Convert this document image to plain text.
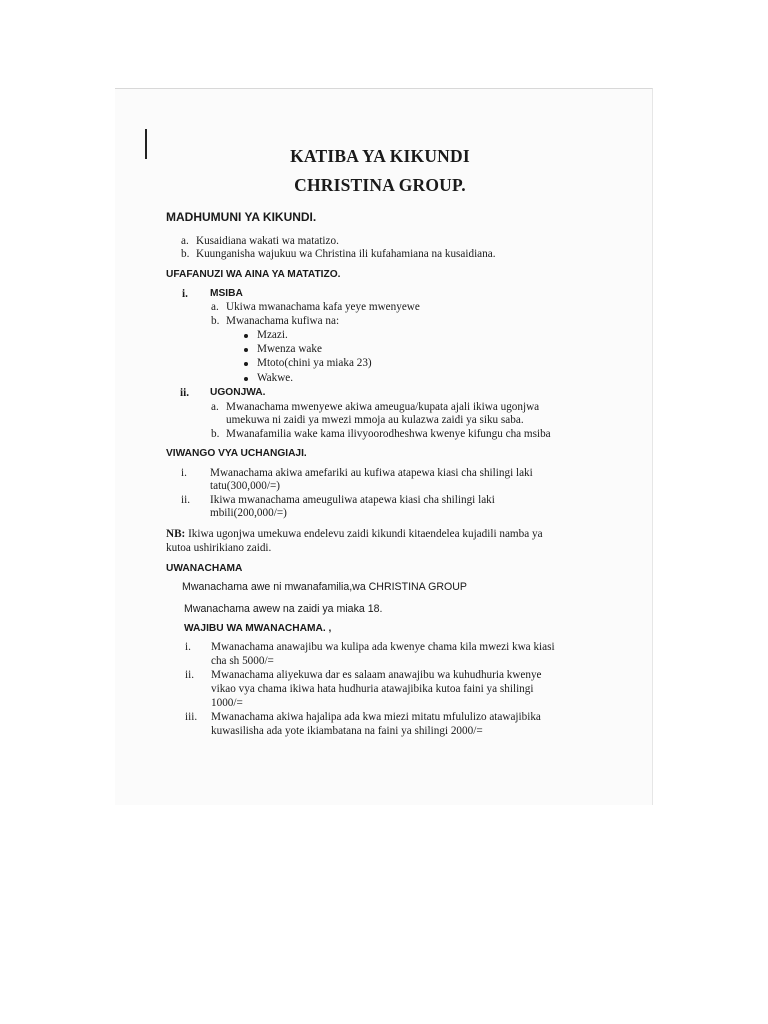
KATIBA YA KIKUNDI
CHRISTINA GROUP.
MADHUMUNI YA KIKUNDI.
a. Kusaidiana wakati wa matatizo.
b. Kuunganisha wajukuu wa Christina ili kufahamiana na kusaidiana.
UFAFANUZI WA AINA YA MATATIZO.
i. MSIBA
a. Ukiwa mwanachama kafa yeye mwenyewe
b. Mwanachama kufiwa na:
Mzazi.
Mwenza wake
Mtoto(chini ya miaka 23)
Wakwe.
ii. UGONJWA.
a. Mwanachama mwenyewe akiwa ameugua/kupata ajali ikiwa ugonjwa
umekuwa ni zaidi ya mwezi mmoja au kulazwa zaidi ya siku saba.
b. Mwanafamilia wake kama ilivyoorodheshwa kwenye kifungu cha msiba
VIWANGO VYA UCHANGIAJI.
i. Mwanachama akiwa amefariki au kufiwa atapewa kiasi cha shilingi laki
tatu(300,000/=)
ii. Ikiwa mwanachama ameuguliwa atapewa kiasi cha shilingi laki
mbili(200,000/=)
NB: Ikiwa ugonjwa umekuwa endelevu zaidi kikundi kitaendelea kujadili namba ya
kutoa ushirikiano zaidi.
UWANACHAMA
Mwanachama awe ni mwanafamilia,wa CHRISTINA GROUP
Mwanachama awew na zaidi ya miaka 18.
WAJIBU WA MWANACHAMA. ,
i. Mwanachama anawajibu wa kulipa ada kwenye chama kila mwezi kwa kiasi
cha sh 5000/=
ii. Mwanachama aliyekuwa dar es salaam anawajibu wa kuhudhuria kwenye
vikao vya chama ikiwa hata hudhuria atawajibika kutoa faini ya shilingi
1000/=
iii. Mwanachama akiwa hajalipa ada kwa miezi mitatu mfululizo atawajibika
kuwasilisha ada yote ikiambatana na faini ya shilingi 2000/=
